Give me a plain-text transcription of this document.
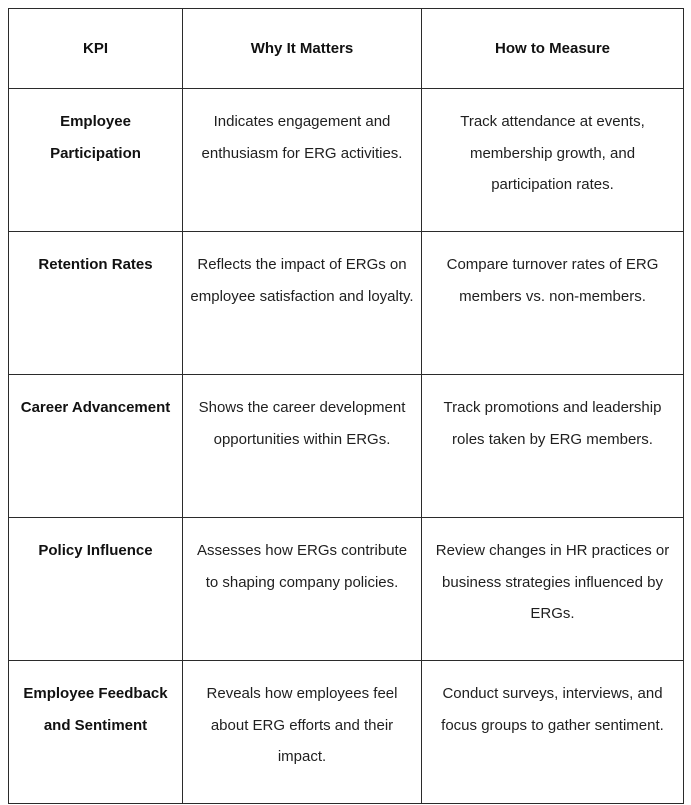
KPI	Why It Matters	How to Measure
Employee Participation	Indicates engagement and enthusiasm for ERG activities.	Track attendance at events, membership growth, and participation rates.
Retention Rates	Reflects the impact of ERGs on employee satisfaction and loyalty.	Compare turnover rates of ERG members vs. non-members.
Career Advancement	Shows the career development opportunities within ERGs.	Track promotions and leadership roles taken by ERG members.
Policy Influence	Assesses how ERGs contribute to shaping company policies.	Review changes in HR practices or business strategies influenced by ERGs.
Employee Feedback and Sentiment	Reveals how employees feel about ERG efforts and their impact.	Conduct surveys, interviews, and focus groups to gather sentiment.
